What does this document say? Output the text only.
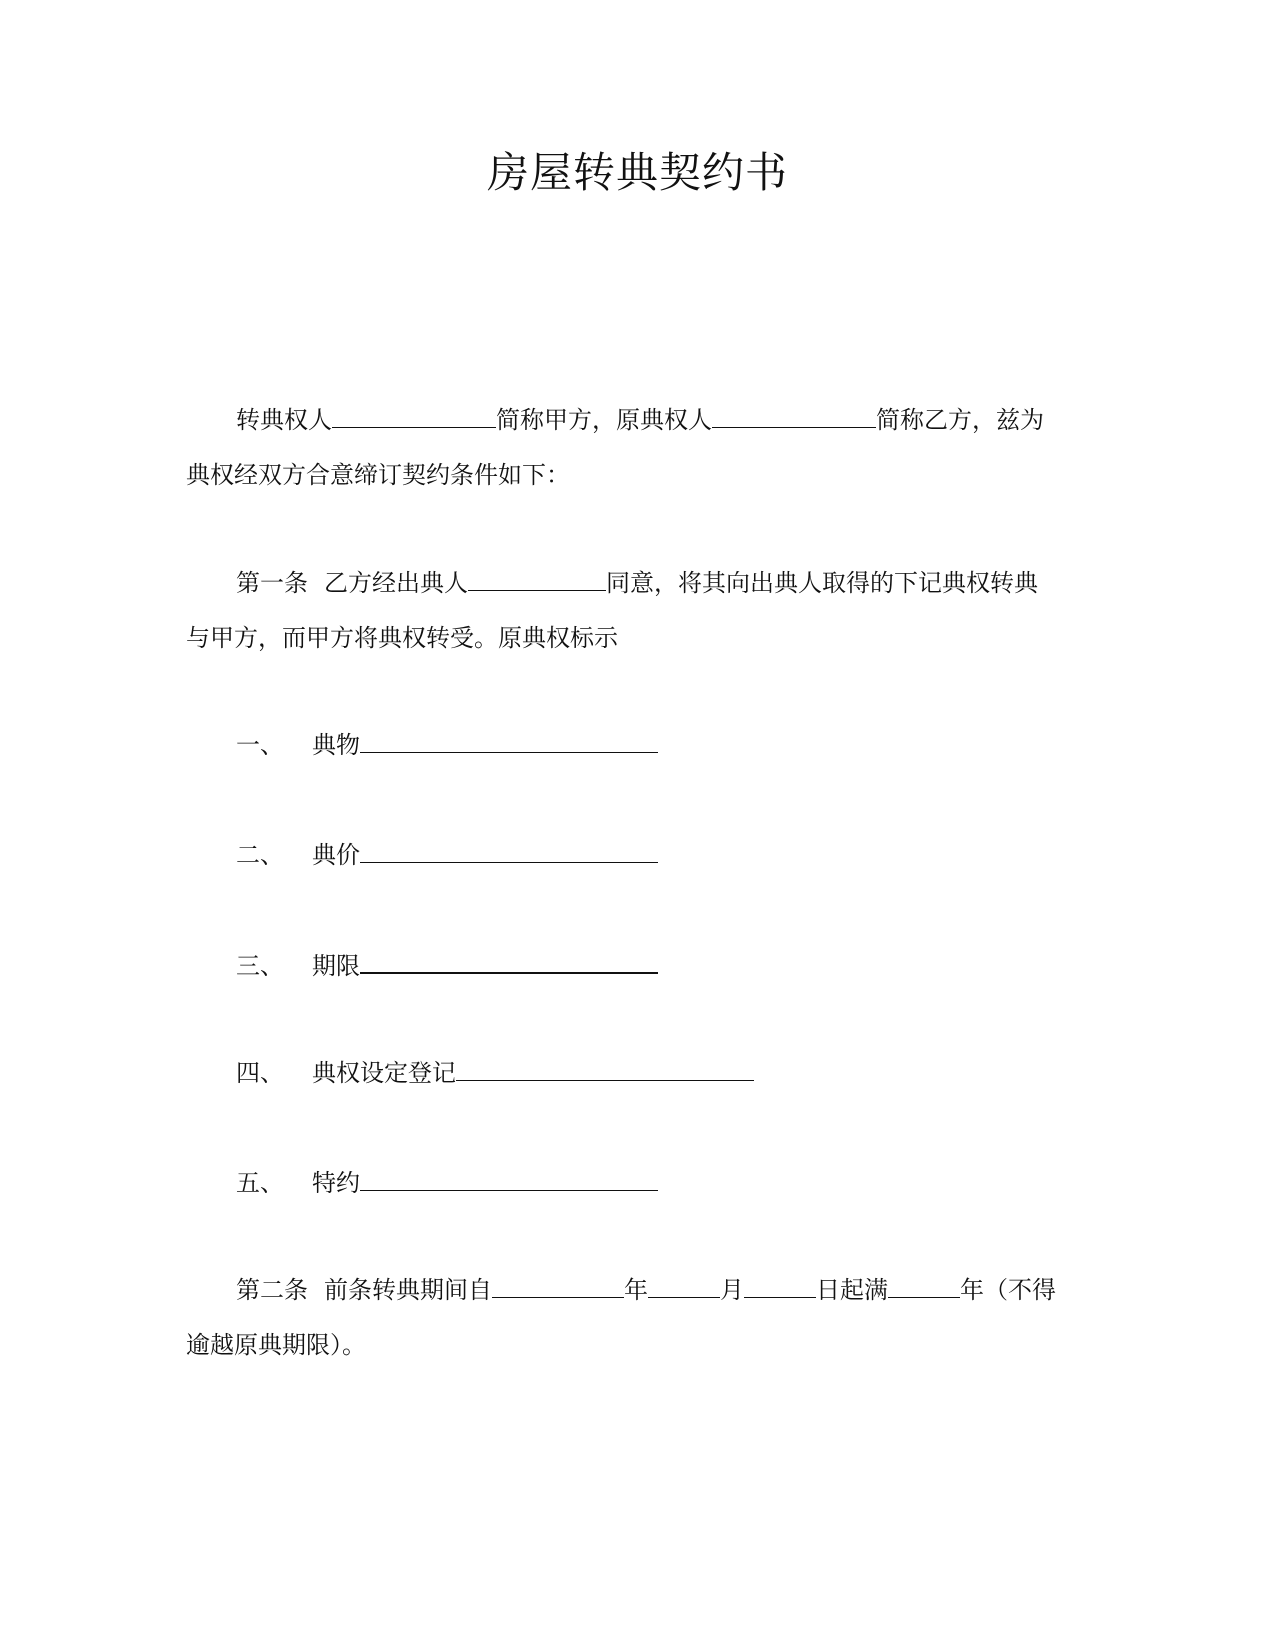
房屋转典契约书
转典权人	简称甲方，原典权人	简称乙方，兹为
典权经双方合意缔订契约条件如下：
第一条 乙方经出典人	同意，将其向出典人取得的下记典权转典
与甲方，而甲方将典权转受。原典权标示
一、 典物
二、 典价
三、 期限
四、 典权设定登记
五、 特约
第二条 前条转典期间自	年	月	日起满	年（不得
逾越原典期限）。
